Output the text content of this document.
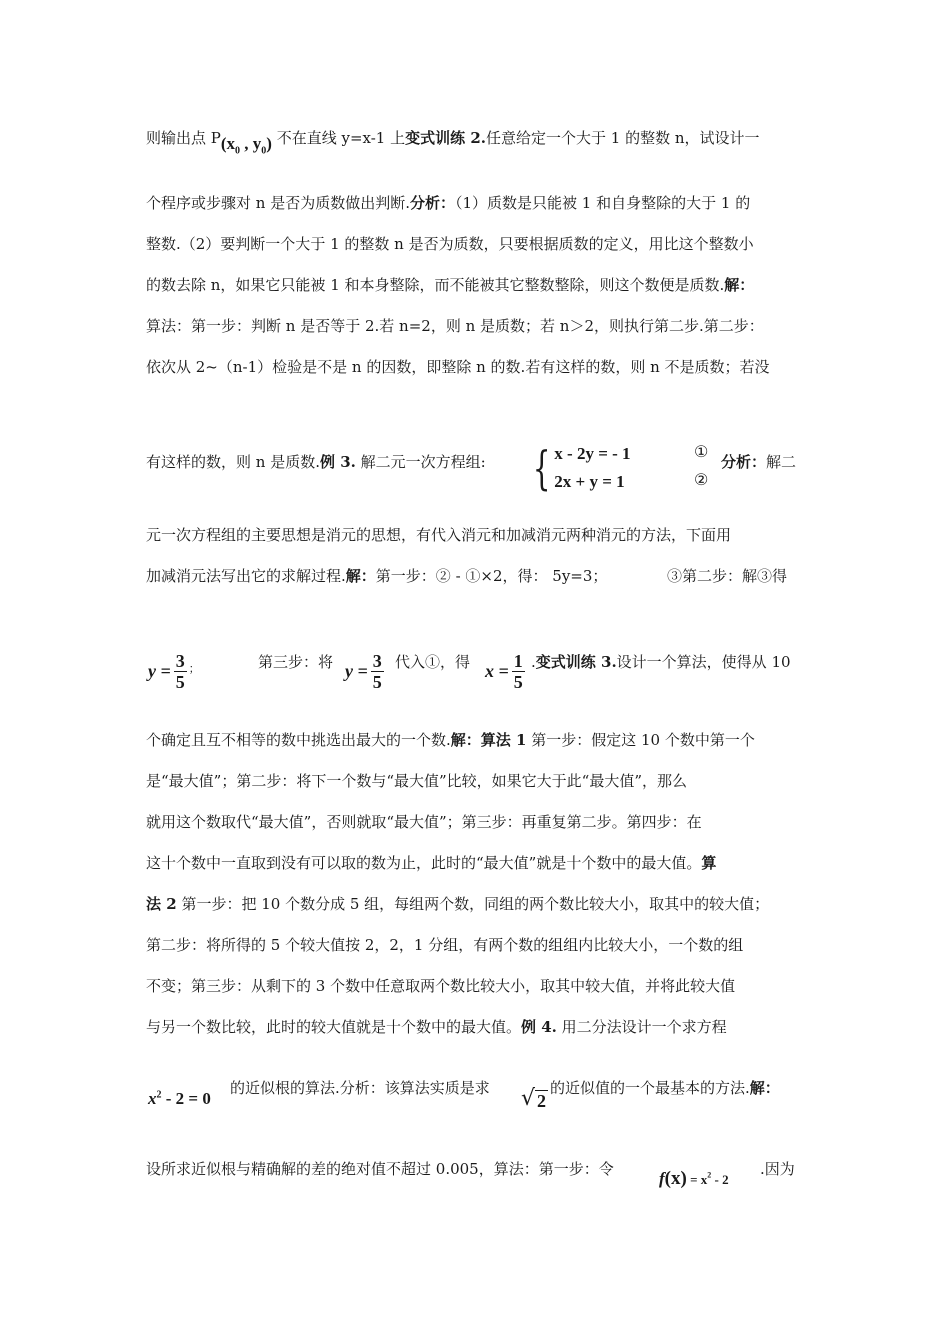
则输出点 $P(x_0$ , $y_0$) 不在直线 y=x-1 上变式训练 2.任意给定一个大于 1 的整数 n，试设计一
个程序或步骤对 n 是否为质数做出判断.分析：（1）质数是只能被 1 和自身整除的大于 1 的
整数.（2）要判断一个大于 1 的整数 n 是否为质数，只要根据质数的定义，用比这个整数小
的数去除 n，如果它只能被 1 和本身整除，而不能被其它整数整除，则这个数便是质数.解：
算法：第一步：判断 n 是否等于 2.若 n=2，则 n 是质数；若 n＞2，则执行第二步.第二步：
依次从 2~（n-1）检验是不是 n 的因数，即整除 n 的数.若有这样的数，则 n 不是质数；若没
有这样的数，则 n 是质数.例 3. 解二元一次方程组: { x - 2y = - 1
2x + y = 1
①
②
分析：解二
元一次方程组的主要思想是消元的思想，有代入消元和加减消元两种消元的方法，下面用
加减消元法写出它的求解过程.解：第一步：② - ①×2，得： 5y=3；	③第二步：解③得
$y = \frac{3}{5}$ ；	第三步：将 $y = \frac{3}{5}$ 代入①，得 $x = \frac{1}{5}$ .变式训练 3.设计一个算法，使得从 10
个确定且互不相等的数中挑选出最大的一个数.解：算法 1 第一步：假定这 10 个数中第一个
是“最大值”；第二步：将下一个数与“最大值”比较，如果它大于此“最大值”，那么
就用这个数取代“最大值”，否则就取“最大值”；第三步：再重复第二步。第四步：在
这十个数中一直取到没有可以取的数为止，此时的“最大值”就是十个数中的最大值。算
法 2 第一步：把 10 个数分成 5 组，每组两个数，同组的两个数比较大小，取其中的较大值；
第二步：将所得的 5 个较大值按 2，2，1 分组，有两个数的组组内比较大小，一个数的组
不变；第三步：从剩下的 3 个数中任意取两个数比较大小，取其中较大值，并将此较大值
与另一个数比较，此时的较大值就是十个数中的最大值。例 4. 用二分法设计一个求方程
$x^2 - 2 = 0$
的近似根的算法.分析：该算法实质是求 √ 2
的近似值的一个最基本的方法.解：
设所求近似根与精确解的差的绝对值不超过 0.005，算法：第一步：令	$f(x) = x^2 - 2$
.因为
